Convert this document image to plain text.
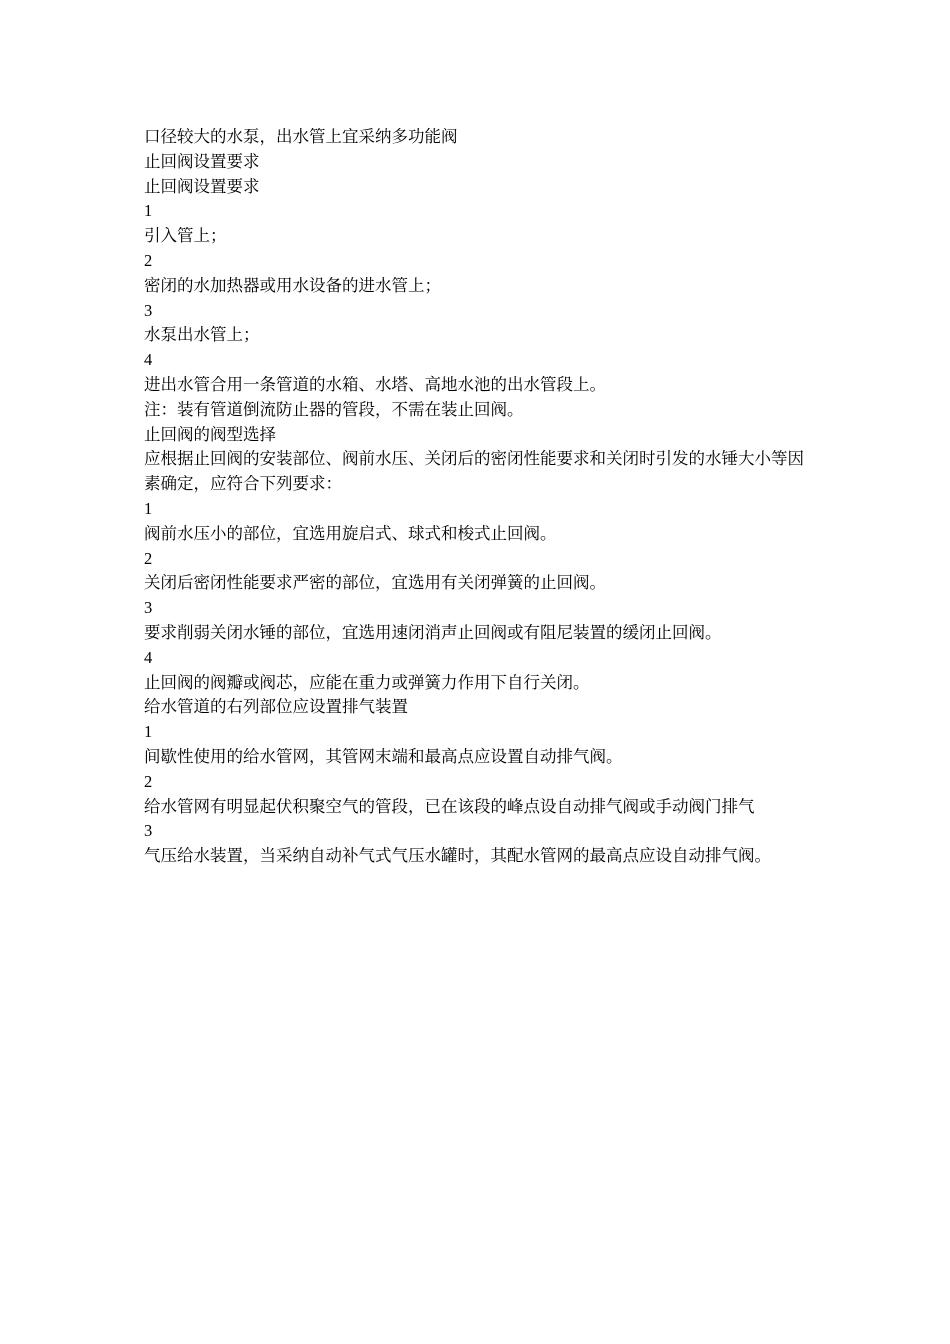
口径较大的水泵，出水管上宜采纳多功能阀

止回阀设置要求

止回阀设置要求

1

引入管上；

2

密闭的水加热器或用水设备的进水管上；

3

水泵出水管上；

4

进出水管合用一条管道的水箱、水塔、高地水池的出水管段上。

注：装有管道倒流防止器的管段，不需在装止回阀。

止回阀的阀型选择

应根据止回阀的安装部位、阀前水压、关闭后的密闭性能要求和关闭时引发的水锤大小等因素确定，应符合下列要求：

1

阀前水压小的部位，宜选用旋启式、球式和梭式止回阀。

2

关闭后密闭性能要求严密的部位，宜选用有关闭弹簧的止回阀。

3

要求削弱关闭水锤的部位，宜选用速闭消声止回阀或有阻尼装置的缓闭止回阀。

4

止回阀的阀瓣或阀芯，应能在重力或弹簧力作用下自行关闭。

给水管道的右列部位应设置排气装置

1

间歇性使用的给水管网，其管网末端和最高点应设置自动排气阀。

2

给水管网有明显起伏积聚空气的管段，已在该段的峰点设自动排气阀或手动阀门排气

3

气压给水装置，当采纳自动补气式气压水罐时，其配水管网的最高点应设自动排气阀。
